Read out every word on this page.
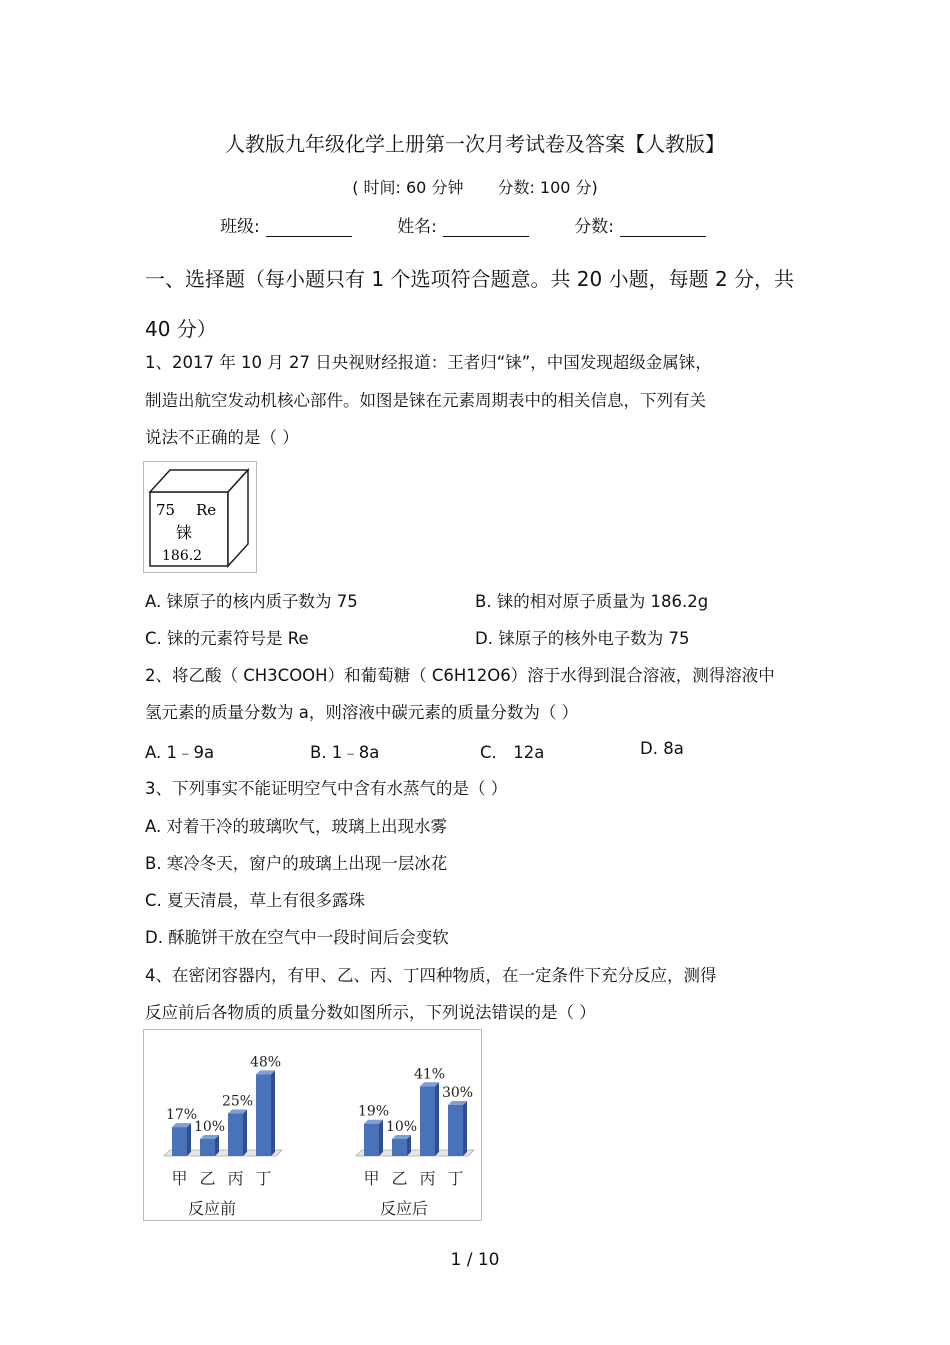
人教版九年级化学上册第一次月考试卷及答案【人教版】
( 时间: 60 分钟 分数: 100 分)
班级:	姓名:	分数:
一、选择题（每小题只有 1 个选项符合题意。共 20 小题，每题 2 分，共 40 分）
1、2017 年 10 月 27 日央视财经报道：王者归“铼”，中国发现超级金属铼，
制造出航空发动机核心部件。如图是铼在元素周期表中的相关信息，下列有关
说法不正确的是（ ）
75 Re
铼
186.2
A. 铼原子的核内质子数为 75	B. 铼的相对原子质量为 186.2g
C. 铼的元素符号是 Re	D. 铼原子的核外电子数为 75
2、将乙酸（ CH3COOH）和葡萄糖（ C6H12O6）溶于水得到混合溶液，测得溶液中
氢元素的质量分数为 a，则溶液中碳元素的质量分数为（ ）
A. 1﹣9a	B. 1﹣8a	C． 12a	D. 8a
3、下列事实不能证明空气中含有水蒸气的是（ ）
A. 对着干冷的玻璃吹气，玻璃上出现水雾
B. 寒冷冬天，窗户的玻璃上出现一层冰花
C. 夏天清晨，草上有很多露珠
D. 酥脆饼干放在空气中一段时间后会变软
4、在密闭容器内，有甲、乙、丙、丁四种物质，在一定条件下充分反应，测得
反应前后各物质的质量分数如图所示，下列说法错误的是（ ）
17%
甲
10%
乙
25%
丙
48%
丁
反应前
19%
甲
10%
乙
41%
丙
30%
丁
反应后
1 / 10
